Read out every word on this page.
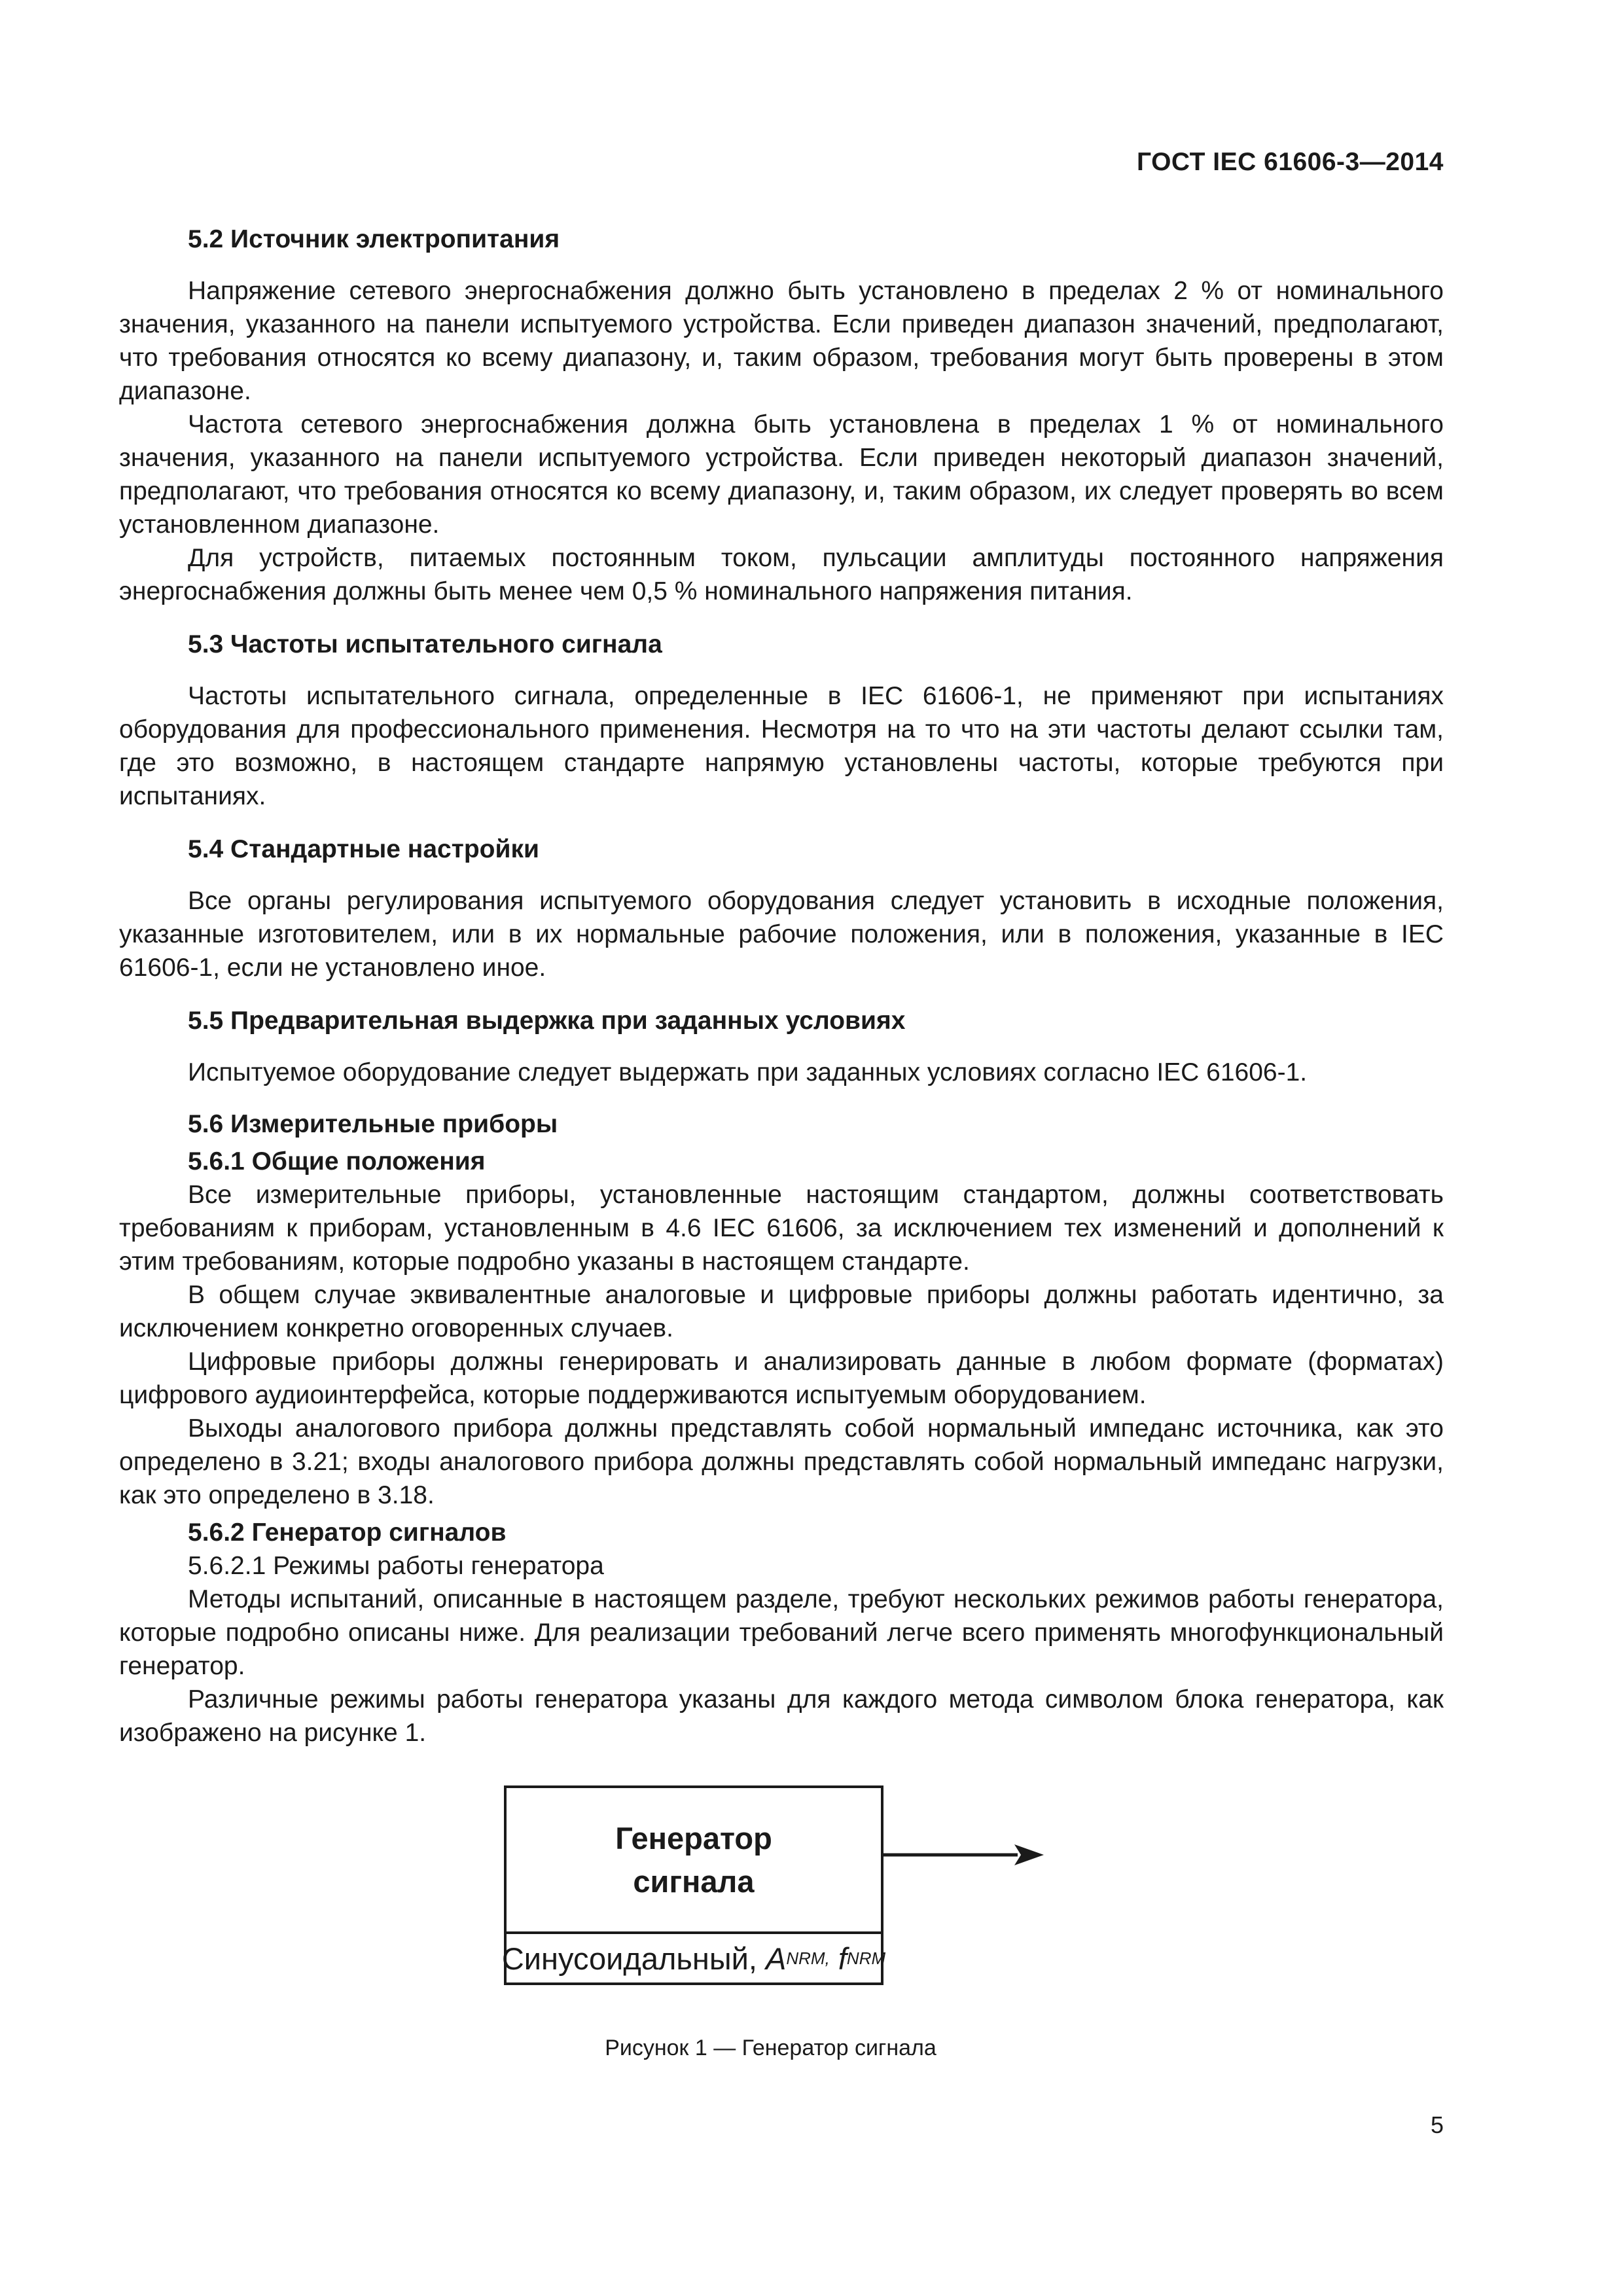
ГОСТ IEC 61606-3—2014
5.2 Источник электропитания

Напряжение сетевого энергоснабжения должно быть установлено в пределах 2 % от номинального значения, указанного на панели испытуемого устройства. Если приведен диапазон значений, предполагают, что требования относятся ко всему диапазону, и, таким образом, требования могут быть проверены в этом диапазоне.

Частота сетевого энергоснабжения должна быть установлена в пределах 1 % от номинального значения, указанного на панели испытуемого устройства. Если приведен некоторый диапазон значений, предполагают, что требования относятся ко всему диапазону, и, таким образом, их следует проверять во всем установленном диапазоне.

Для устройств, питаемых постоянным током, пульсации амплитуды постоянного напряжения энергоснабжения должны быть менее чем 0,5 % номинального напряжения питания.

5.3 Частоты испытательного сигнала

Частоты испытательного сигнала, определенные в IEC 61606-1, не применяют при испытаниях оборудования для профессионального применения. Несмотря на то что на эти частоты делают ссылки там, где это возможно, в настоящем стандарте напрямую установлены частоты, которые требуются при испытаниях.

5.4 Стандартные настройки

Все органы регулирования испытуемого оборудования следует установить в исходные положения, указанные изготовителем, или в их нормальные рабочие положения, или в положения, указанные в IEC 61606-1, если не установлено иное.

5.5 Предварительная выдержка при заданных условиях

Испытуемое оборудование следует выдержать при заданных условиях согласно IEC 61606-1.

5.6 Измерительные приборы
5.6.1 Общие положения

Все измерительные приборы, установленные настоящим стандартом, должны соответствовать требованиям к приборам, установленным в 4.6 IEC 61606, за исключением тех изменений и дополнений к этим требованиям, которые подробно указаны в настоящем стандарте.

В общем случае эквивалентные аналоговые и цифровые приборы должны работать идентично, за исключением конкретно оговоренных случаев.

Цифровые приборы должны генерировать и анализировать данные в любом формате (форматах) цифрового аудиоинтерфейса, которые поддерживаются испытуемым оборудованием.

Выходы аналогового прибора должны представлять собой нормальный импеданс источника, как это определено в 3.21; входы аналогового прибора должны представлять собой нормальный импеданс нагрузки, как это определено в 3.18.

5.6.2 Генератор сигналов
5.6.2.1 Режимы работы генератора

Методы испытаний, описанные в настоящем разделе, требуют нескольких режимов работы генератора, которые подробно описаны ниже. Для реализации требований легче всего применять многофункциональный генератор.

Различные режимы работы генератора указаны для каждого метода символом блока генератора, как изображено на рисунке 1.

Генератор
сигнала
Синусоидальный,
A NRM,
f NRM
Рисунок 1 — Генератор сигнала
5
